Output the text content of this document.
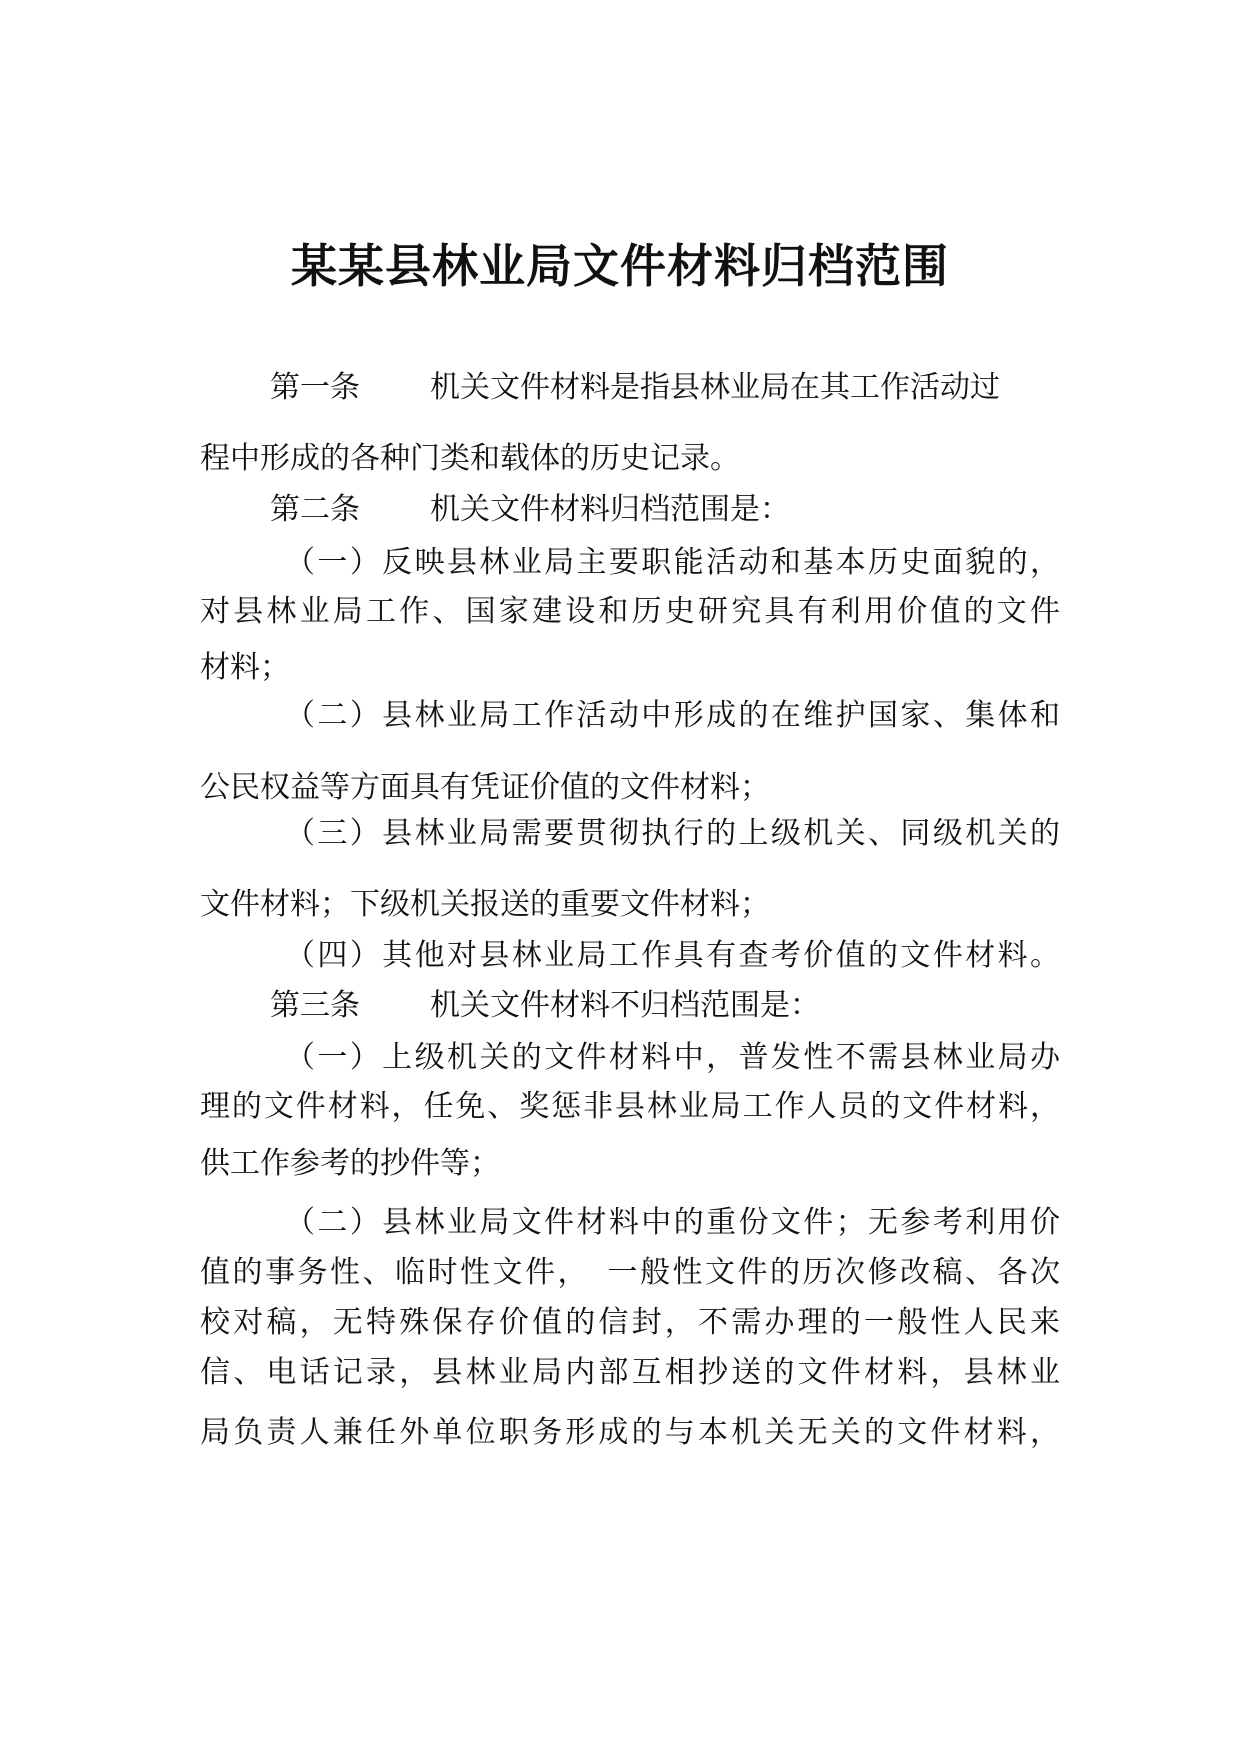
某某县林业局文件材料归档范围

第一条 机关文件材料是指县林业局在其工作活动过

程中形成的各种门类和载体的历史记录。

第二条 机关文件材料归档范围是：

（一）反映县林业局主要职能活动和基本历史面貌的，

对县林业局工作、国家建设和历史研究具有利用价值的文件

材料；

（二）县林业局工作活动中形成的在维护国家、集体和

公民权益等方面具有凭证价值的文件材料；

（三）县林业局需要贯彻执行的上级机关、同级机关的

文件材料；下级机关报送的重要文件材料；

（四）其他对县林业局工作具有查考价值的文件材料。

第三条 机关文件材料不归档范围是：

（一）上级机关的文件材料中，普发性不需县林业局办

理的文件材料，任免、奖惩非县林业局工作人员的文件材料，

供工作参考的抄件等；

（二）县林业局文件材料中的重份文件；无参考利用价

值的事务性、临时性文件，　一般性文件的历次修改稿、各次

校对稿，无特殊保存价值的信封，不需办理的一般性人民来

信、电话记录，县林业局内部互相抄送的文件材料，县林业

局负责人兼任外单位职务形成的与本机关无关的文件材料，
